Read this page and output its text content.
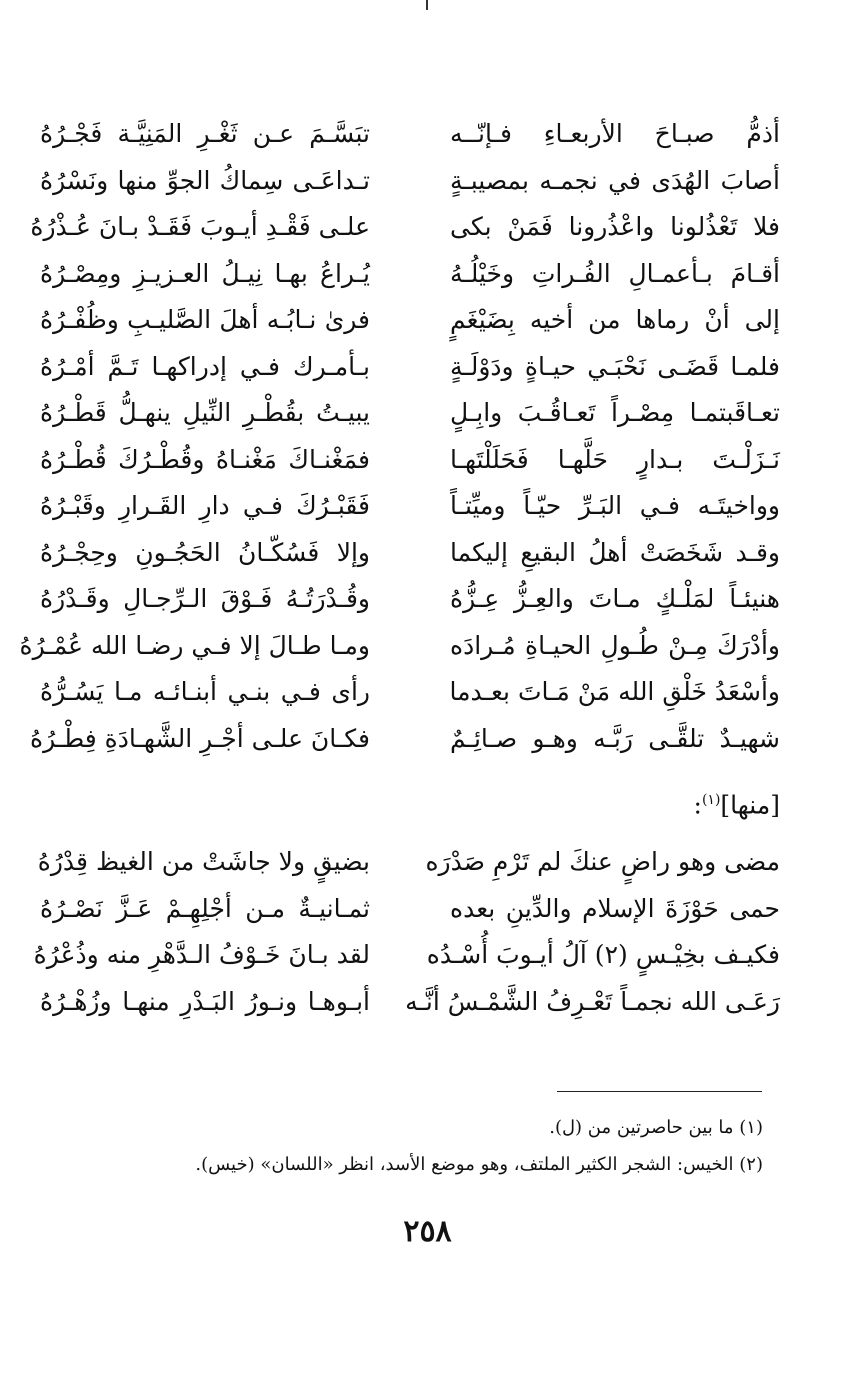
أذمُّ صبـاحَ الأربعـاءِ فـإنّــه
تبَسَّـمَ عـن ثَغْـرِ المَنِيَّـة فَجْـرُهُ
أصابَ الهُدَى في نجمـه بمصيبـةٍ
تـداعَـى سِماكُ الجوِّ منها ونَسْرُهُ
فلا تَعْذُلونا واعْذُرونا فَمَنْ بكى
علـى فَقْـدِ أيـوبَ فَقَـدْ بـانَ عُـذْرُهُ
أقـامَ بـأعمـالِ الفُـراتِ وخَيْلُـهُ
يُـراعُ بهـا نِيـلُ العـزيـزِ ومِصْـرُهُ
إلى أنْ رماها من أخيه بِضَيْغَمٍ
فرىٰ نـابُـه أهلَ الصَّليـبِ وظُفْـرُهُ
فلمـا قَضَـى نَحْبَـي حيـاةٍ ودَوْلَـةٍ
بـأمـرك فـي إدراكهـا تَـمَّ أمْـرُهُ
تعـاقَبتمـا مِصْـراً تَعـاقُـبَ وابِـلٍ
يبيـتُ بقُطْـرِ النِّيلِ ينهـلُّ قَطْـرُهُ
نَـزَلْـتَ بـدارٍ حَلَّهـا فَحَلَلْتَهـا
فمَغْنـاكَ مَغْنـاهُ وقُطْـرُكَ قُطْـرُهُ
وواخيتَـه فـي البَـرِّ حيّـاً وميِّتـاً
فَقَبْـرُكَ فـي دارِ القَـرارِ وقَبْـرُهُ
وقـد شَخَصَتْ أهلُ البقيعِ إليكما
وإلا فَسُكّـانُ الحَجُـونِ وحِجْـرُهُ
هنيئـاً لمَلْـكٍ مـاتَ والعِـزُّ عِـزُّهُ
وقُـدْرَتُـهُ فَـوْقَ الـرِّجـالِ وقَـدْرُهُ
وأدْرَكَ مِـنْ طُـولِ الحيـاةِ مُـرادَه
ومـا طـالَ إلا فـي رضـا الله عُمْـرُهُ
وأسْعَدُ خَلْقِ الله مَنْ مَـاتَ بعـدما
رأى فـي بنـي أبنـائـه مـا يَسُـرُّهُ
شهيـدٌ تلقَّـى رَبَّـه وهـو صـائِـمٌ
فكـانَ علـى أجْـرِ الشَّهـادَةِ فِطْـرُهُ
[منها]$^{(١)}$:
مضى وهو راضٍ عنكَ لم تَرْمِ صَدْرَه
بضيقٍ ولا جاشَتْ من الغيظ قِدْرُهُ
حمى حَوْزَةَ الإسلام والدِّينِ بعده
ثمـانيـةٌ مـن أجْلِهِـمْ عَـزَّ نَصْـرُهُ
فكيـف بخِيْـسٍ (٢) آلُ أيـوبَ أُسْـدُه
لقد بـانَ خَـوْفُ الـدَّهْرِ منه وذُعْرُهُ
رَعَـى الله نجمـاً تَعْـرِفُ الشَّمْـسُ أنَّـه
أبـوهـا ونـورُ البَـدْرِ منهـا وزُهْـرُهُ
(١) ما بين حاصرتين من (ل).
(٢) الخيس: الشجر الكثير الملتف، وهو موضع الأسد، انظر «اللسان» (خيس).
٢٥٨
